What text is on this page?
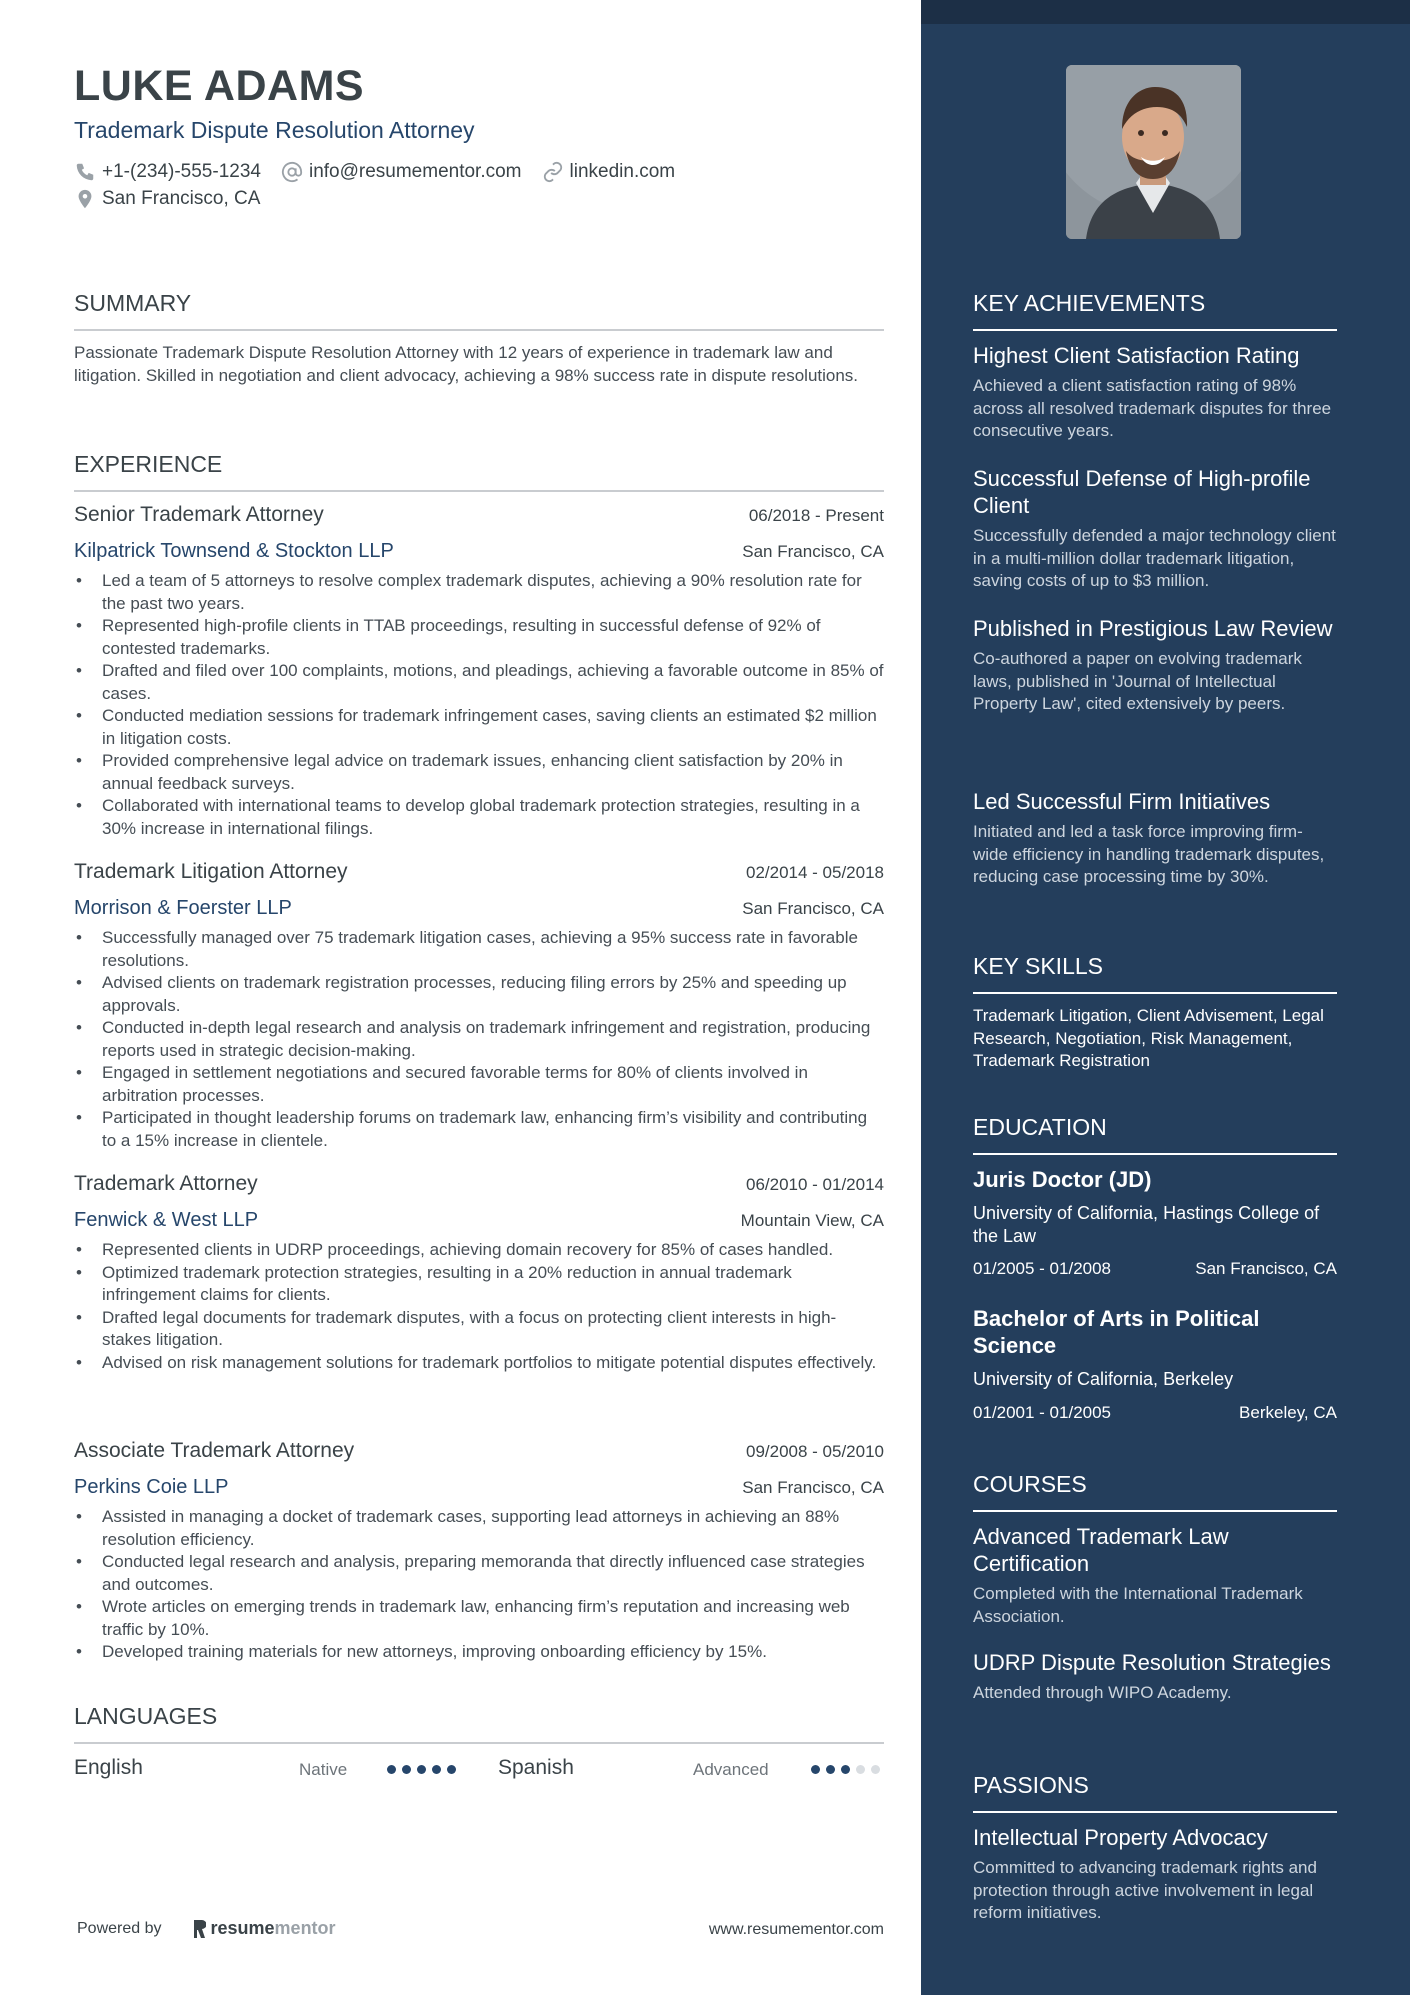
LUKE ADAMS
Trademark Dispute Resolution Attorney
+1-(234)-555-1234	info@resumementor.com	linkedin.com
San Francisco, CA
SUMMARY
Passionate Trademark Dispute Resolution Attorney with 12 years of experience in trademark law and litigation. Skilled in negotiation and client advocacy, achieving a 98% success rate in dispute resolutions.
EXPERIENCE
Senior Trademark Attorney	06/2018 - Present
Kilpatrick Townsend & Stockton LLP	San Francisco, CA
• Led a team of 5 attorneys to resolve complex trademark disputes, achieving a 90% resolution rate for the past two years.
• Represented high-profile clients in TTAB proceedings, resulting in successful defense of 92% of contested trademarks.
• Drafted and filed over 100 complaints, motions, and pleadings, achieving a favorable outcome in 85% of cases.
• Conducted mediation sessions for trademark infringement cases, saving clients an estimated $2 million in litigation costs.
• Provided comprehensive legal advice on trademark issues, enhancing client satisfaction by 20% in annual feedback surveys.
• Collaborated with international teams to develop global trademark protection strategies, resulting in a 30% increase in international filings.
Trademark Litigation Attorney	02/2014 - 05/2018
Morrison & Foerster LLP	San Francisco, CA
• Successfully managed over 75 trademark litigation cases, achieving a 95% success rate in favorable resolutions.
• Advised clients on trademark registration processes, reducing filing errors by 25% and speeding up approvals.
• Conducted in-depth legal research and analysis on trademark infringement and registration, producing reports used in strategic decision-making.
• Engaged in settlement negotiations and secured favorable terms for 80% of clients involved in arbitration processes.
• Participated in thought leadership forums on trademark law, enhancing firm’s visibility and contributing to a 15% increase in clientele.
Trademark Attorney	06/2010 - 01/2014
Fenwick & West LLP	Mountain View, CA
• Represented clients in UDRP proceedings, achieving domain recovery for 85% of cases handled.
• Optimized trademark protection strategies, resulting in a 20% reduction in annual trademark infringement claims for clients.
• Drafted legal documents for trademark disputes, with a focus on protecting client interests in high-stakes litigation.
• Advised on risk management solutions for trademark portfolios to mitigate potential disputes effectively.
Associate Trademark Attorney	09/2008 - 05/2010
Perkins Coie LLP	San Francisco, CA
• Assisted in managing a docket of trademark cases, supporting lead attorneys in achieving an 88% resolution efficiency.
• Conducted legal research and analysis, preparing memoranda that directly influenced case strategies and outcomes.
• Wrote articles on emerging trends in trademark law, enhancing firm’s reputation and increasing web traffic by 10%.
• Developed training materials for new attorneys, improving onboarding efficiency by 15%.
LANGUAGES
English	Native	Spanish	Advanced
Powered by	resume mentor	www.resumementor.com
KEY ACHIEVEMENTS
Highest Client Satisfaction Rating
Achieved a client satisfaction rating of 98% across all resolved trademark disputes for three consecutive years.
Successful Defense of High-profile Client
Successfully defended a major technology client in a multi-million dollar trademark litigation, saving costs of up to $3 million.
Published in Prestigious Law Review
Co-authored a paper on evolving trademark laws, published in 'Journal of Intellectual Property Law', cited extensively by peers.
Led Successful Firm Initiatives
Initiated and led a task force improving firm-wide efficiency in handling trademark disputes, reducing case processing time by 30%.
KEY SKILLS
Trademark Litigation, Client Advisement, Legal Research, Negotiation, Risk Management, Trademark Registration
EDUCATION
Juris Doctor (JD)
University of California, Hastings College of the Law
01/2005 - 01/2008	San Francisco, CA
Bachelor of Arts in Political Science
University of California, Berkeley
01/2001 - 01/2005	Berkeley, CA
COURSES
Advanced Trademark Law Certification
Completed with the International Trademark Association.
UDRP Dispute Resolution Strategies
Attended through WIPO Academy.
PASSIONS
Intellectual Property Advocacy
Committed to advancing trademark rights and protection through active involvement in legal reform initiatives.
